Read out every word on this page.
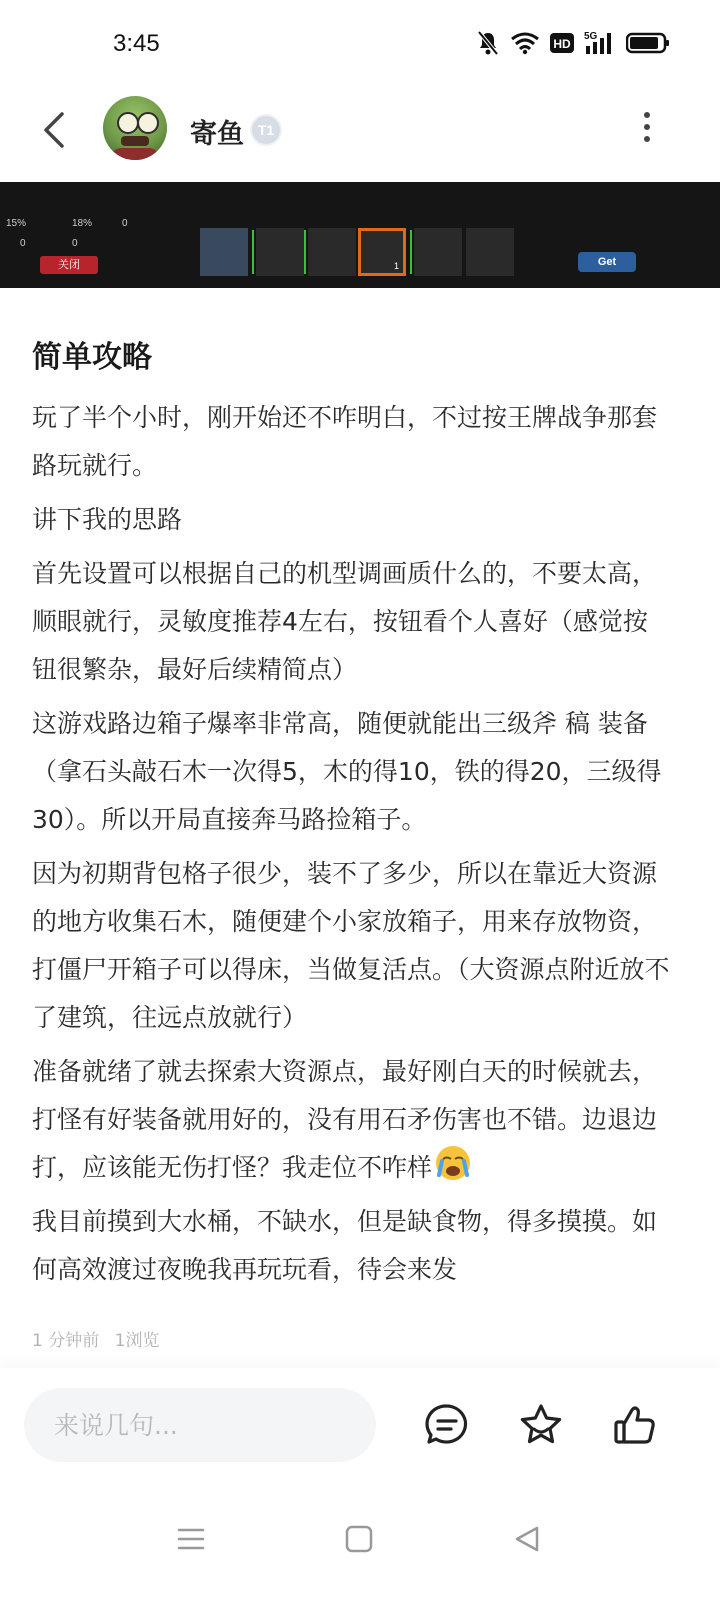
3:45	HD
5G
寄鱼 T1
15%	18%	0
0	0
关闭	1	Get
简单攻略

玩了半个小时，刚开始还不咋明白，不过按王牌战争那套路玩就行。

讲下我的思路

首先设置可以根据自己的机型调画质什么的，不要太高，顺眼就行，灵敏度推荐4左右，按钮看个人喜好（感觉按钮很繁杂，最好后续精简点）

这游戏路边箱子爆率非常高，随便就能出三级斧 稿 装备（拿石头敲石木一次得5，木的得10，铁的得20，三级得30）。所以开局直接奔马路捡箱子。

因为初期背包格子很少，装不了多少，所以在靠近大资源的地方收集石木，随便建个小家放箱子，用来存放物资，打僵尸开箱子可以得床，当做复活点。（大资源点附近放不了建筑，往远点放就行）

准备就绪了就去探索大资源点，最好刚白天的时候就去，打怪有好装备就用好的，没有用石矛伤害也不错。边退边打，应该能无伤打怪？我走位不咋样

我目前摸到大水桶，不缺水，但是缺食物，得多摸摸。如何高效渡过夜晚我再玩玩看，待会来发

1 分钟前 1浏览
来说几句...
